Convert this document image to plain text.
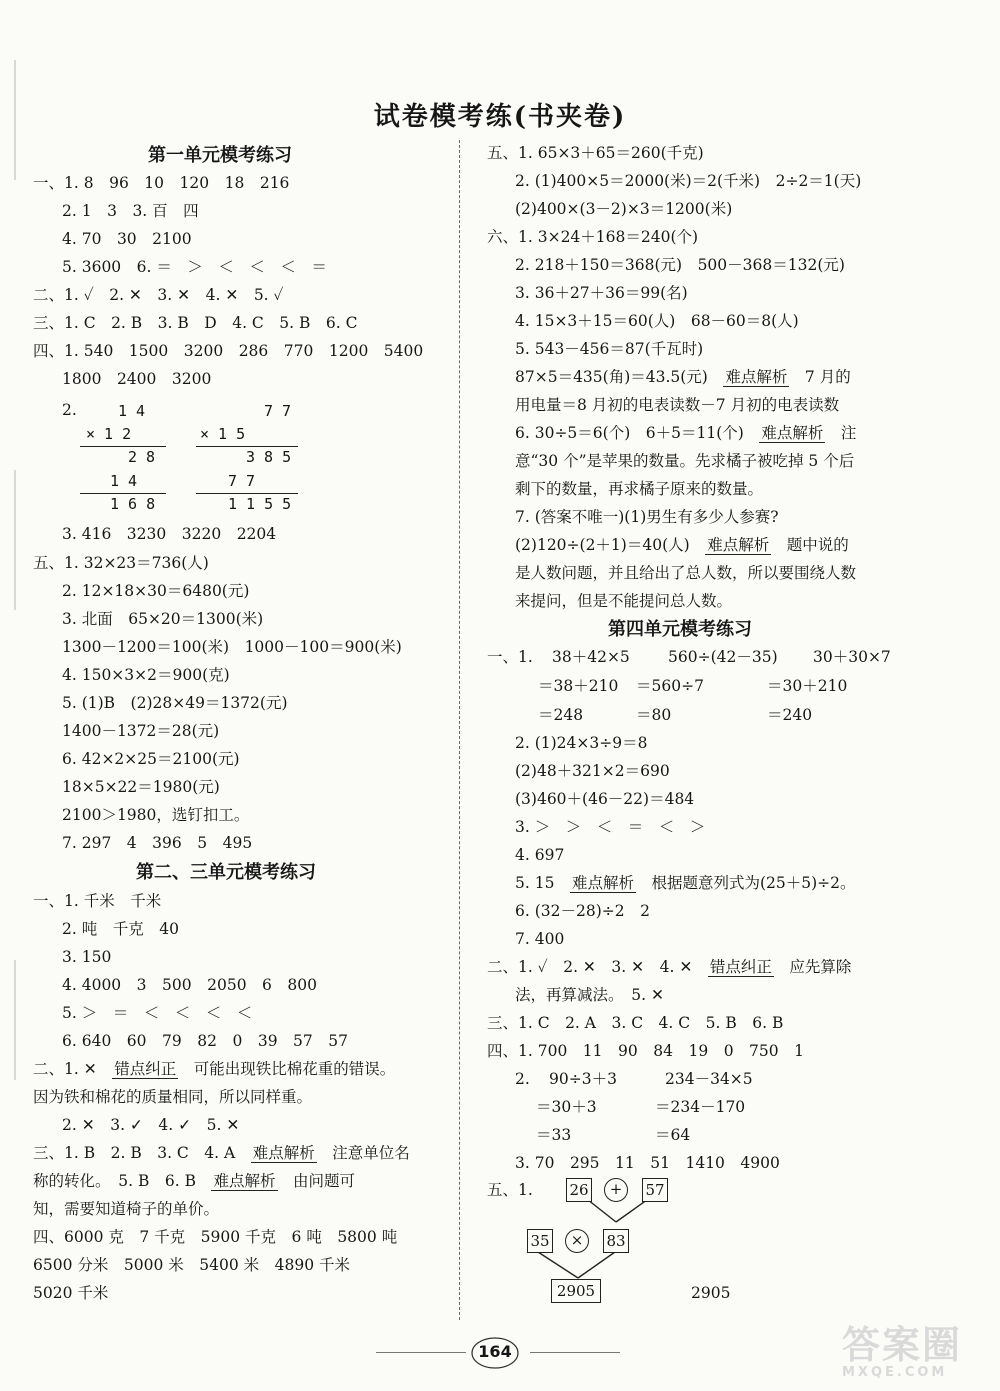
试卷模考练(书夹卷)
第一单元模考练习
一、1. 8　96　10　120　18　216
2. 1　3　3. 百　四
4. 70　30　2100
5. 3600　6. ＝　＞　＜　＜　＜　＝
二、1. ✓　2. ✕　3. ✕　4. ✕　5. ✓
三、1. C　2. B　3. B　D　4. C　5. B　6. C
四、1. 540　1500　3200　286　770　1200　5400
1800　2400　3200
2.	1 4
× 1 2
2 8
1 4
1 6 8
7 7
× 1 5
3 8 5
7 7
1 1 5 5
3. 416　3230　3220　2204
五、1. 32×23＝736(人)
2. 12×18×30＝6480(元)
3. 北面　65×20＝1300(米)
1300－1200＝100(米)　1000－100＝900(米)
4. 150×3×2＝900(克)
5. (1)B　(2)28×49＝1372(元)
1400－1372＝28(元)
6. 42×2×25＝2100(元)
18×5×22＝1980(元)
2100＞1980，选钉扣工。
7. 297　4　396　5　495
第二、三单元模考练习
一、1. 千米　千米
2. 吨　千克　40
3. 150
4. 4000　3　500　2050　6　800
5. ＞　＝　＜　＜　＜　＜
6. 640　60　79　82　0　39　57　57
二、1. ✕　 错点纠正　 可能出现铁比棉花重的错误。
因为铁和棉花的质量相同，所以同样重。
2. ✕　3. ✓　4. ✓　5. ✕
三、1. B　2. B　3. C　4. A　 难点解析　 注意单位名
称的转化。　5. B　6. B　 难点解析　 由问题可
知，需要知道椅子的单价。
四、6000 克　7 千克　5900 千克　6 吨　5800 吨
6500 分米　5000 米　5400 米　4890 千米
5020 千米
五、1. 65×3＋65＝260(千克)
2. (1)400×5＝2000(米)＝2(千米)　2÷2＝1(天)
(2)400×(3－2)×3＝1200(米)
六、1. 3×24＋168＝240(个)
2. 218＋150＝368(元)　500－368＝132(元)
3. 36＋27＋36＝99(名)
4. 15×3＋15＝60(人)　68－60＝8(人)
5. 543－456＝87(千瓦时)
87×5＝435(角)＝43.5(元)　 难点解析　 7 月的
用电量＝8 月初的电表读数－7 月初的电表读数
6. 30÷5＝6(个)　6＋5＝11(个)　 难点解析　 注
意“30 个”是苹果的数量。先求橘子被吃掉 5 个后
剩下的数量，再求橘子原来的数量。
7. (答案不唯一)(1)男生有多少人参赛?
(2)120÷(2＋1)＝40(人)　 难点解析　 题中说的
是人数问题，并且给出了总人数，所以要围绕人数
来提问，但是不能提问总人数。
第四单元模考练习
一、1. 38＋42×5 560÷(42－35) 30＋30×7
＝38＋210 ＝560÷7	＝30＋210
＝248	＝80	＝240
2. (1)24×3÷9＝8
(2)48＋321×2＝690
(3)460＋(46－22)＝484
3. ＞　＞　＜　＝　＜　＞
4. 697
5. 15　 难点解析　 根据题意列式为(25＋5)÷2。
6. (32－28)÷2　2
7. 400
二、1. ✓　2. ✕　3. ✕　4. ✕　 错点纠正　 应先算除
法，再算减法。　5. ✕
三、1. C　2. A　3. C　4. C　5. B　6. B
四、1. 700　11　90　84　19　0　750　1
2. 90÷3＋3	234－34×5
＝30＋3	＝234－170
＝33	＝64
3. 70　295　11　51　1410　4900
五、1. 26	+	57
35	×	83
2905	2905
164	答案圈
MXQE.COM
